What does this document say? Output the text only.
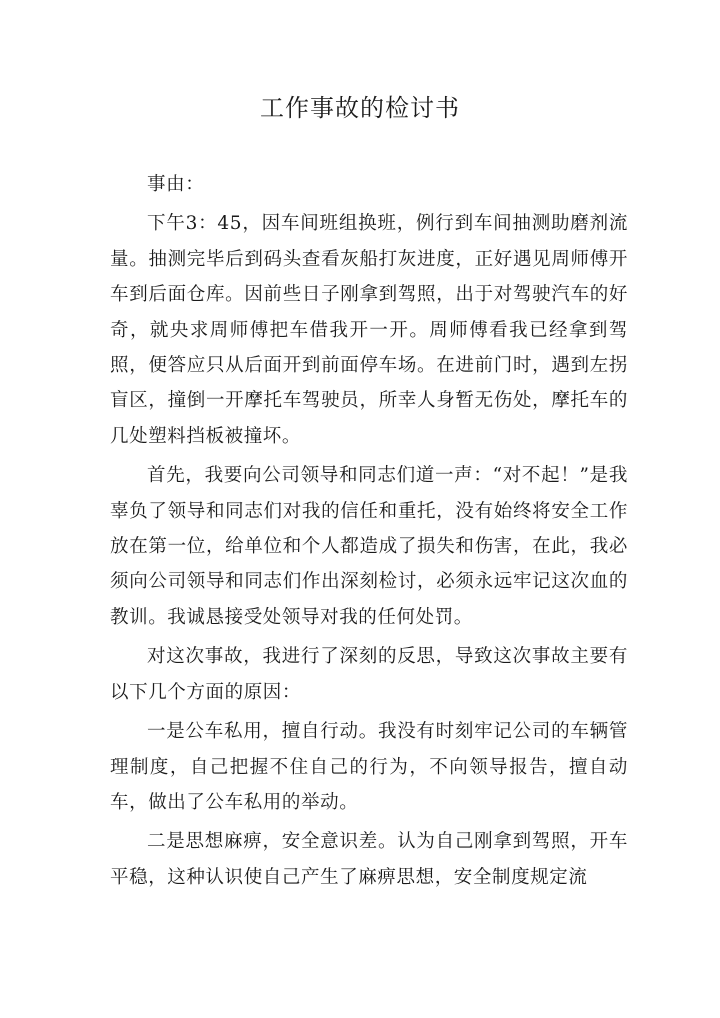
工作事故的检讨书

事由：

下午3：45，因车间班组换班，例行到车间抽测助磨剂流量。抽测完毕后到码头查看灰船打灰进度，正好遇见周师傅开车到后面仓库。因前些日子刚拿到驾照，出于对驾驶汽车的好奇，就央求周师傅把车借我开一开。周师傅看我已经拿到驾照，便答应只从后面开到前面停车场。在进前门时，遇到左拐盲区，撞倒一开摩托车驾驶员，所幸人身暂无伤处，摩托车的几处塑料挡板被撞坏。

首先，我要向公司领导和同志们道一声：“对不起！”是我辜负了领导和同志们对我的信任和重托，没有始终将安全工作放在第一位，给单位和个人都造成了损失和伤害，在此，我必须向公司领导和同志们作出深刻检讨，必须永远牢记这次血的教训。我诚恳接受处领导对我的任何处罚。

对这次事故，我进行了深刻的反思，导致这次事故主要有以下几个方面的原因：

一是公车私用，擅自行动。我没有时刻牢记公司的车辆管理制度，自己把握不住自己的行为，不向领导报告，擅自动车，做出了公车私用的举动。

二是思想麻痹，安全意识差。认为自己刚拿到驾照，开车平稳，这种认识使自己产生了麻痹思想，安全制度规定流
